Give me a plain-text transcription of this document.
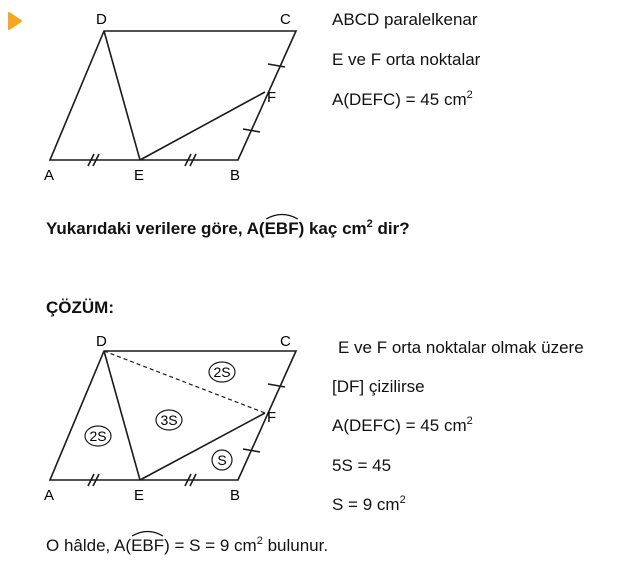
D	C
F
A	E	B
ABCD paralelkenar
E ve F orta noktalar
A(DEFC) = 45 $cm^2$
Yukarıdaki verilere göre, A(
EBF) kaç $cm^2$ dir?
ÇÖZÜM:
2S
3S
2S
S
D	C
F
A	E	B
E ve F orta noktalar olmak üzere
[DF] çizilirse
A(DEFC) = 45 $cm^2$
5S = 45
S = 9 $cm^2$
O hâlde, A(
EBF) = S = 9 $cm^2$ bulunur.
